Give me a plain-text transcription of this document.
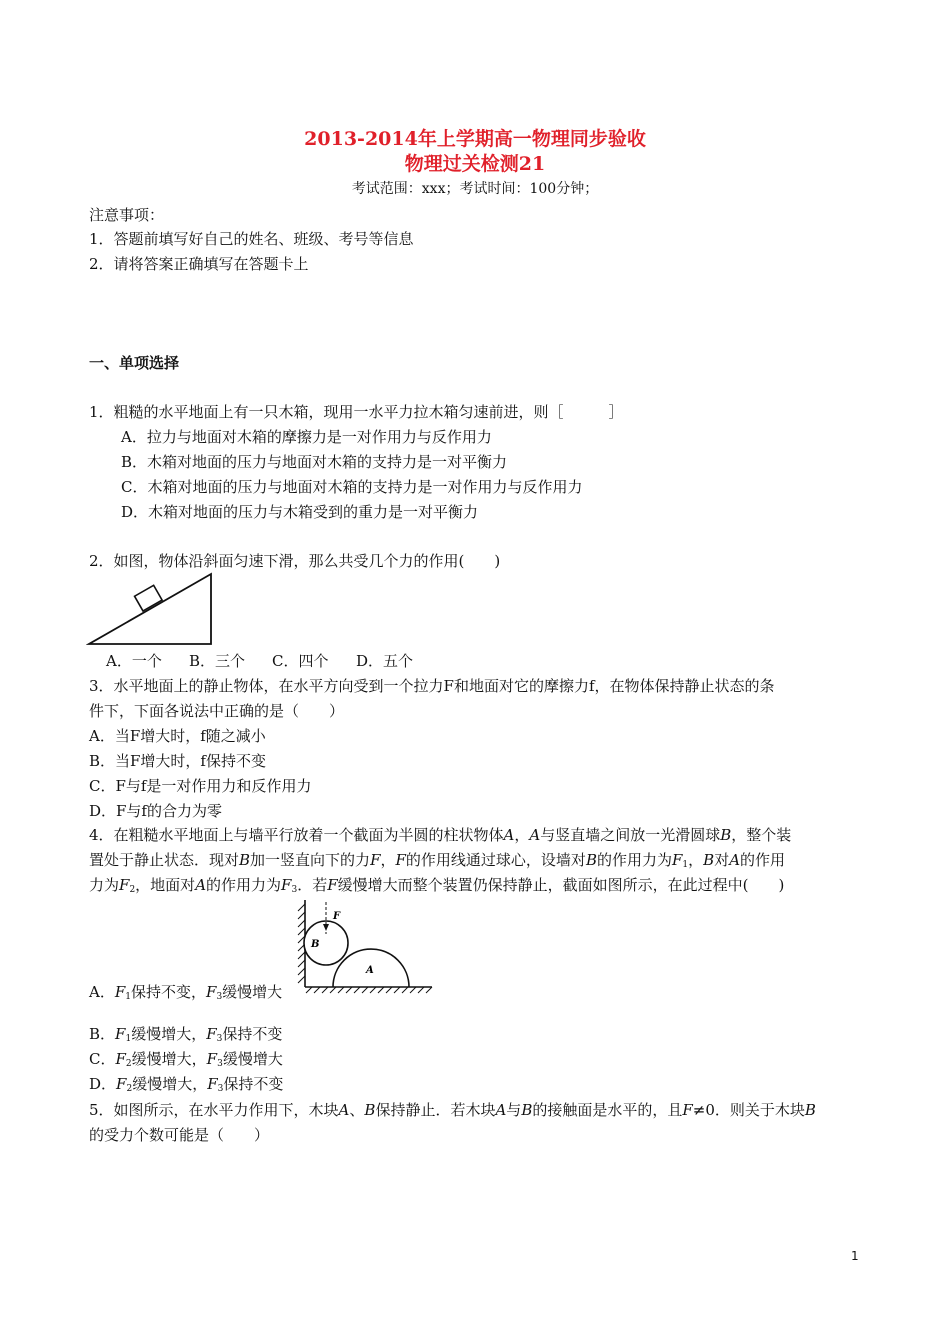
2013-2014年上学期高一物理同步验收
物理过关检测21
考试范围：xxx；考试时间：100分钟；
注意事项：
1．答题前填写好自己的姓名、班级、考号等信息
2．请将答案正确填写在答题卡上
一、单项选择
1．粗糙的水平地面上有一只木箱，现用一水平力拉木箱匀速前进，则［　　　］
A．拉力与地面对木箱的摩擦力是一对作用力与反作用力
B．木箱对地面的压力与地面对木箱的支持力是一对平衡力
C．木箱对地面的压力与地面对木箱的支持力是一对作用力与反作用力
D．木箱对地面的压力与木箱受到的重力是一对平衡力
2．如图，物体沿斜面匀速下滑，那么共受几个力的作用(　　)
A．一个 B．三个 C．四个 D．五个
3．水平地面上的静止物体，在水平方向受到一个拉力F和地面对它的摩擦力f，在物体保持静止状态的条
件下，下面各说法中正确的是（　　）
A．当F增大时，f随之减小
B．当F增大时，f保持不变
C．F与f是一对作用力和反作用力
D．F与f的合力为零
4．在粗糙水平地面上与墙平行放着一个截面为半圆的柱状物体A，A与竖直墙之间放一光滑圆球B，整个装
置处于静止状态．现对B加一竖直向下的力F，F的作用线通过球心，设墙对B的作用力为$F_1$，B对A的作用
力为$F_2$，地面对A的作用力为$F_3$．若F缓慢增大而整个装置仍保持静止，截面如图所示，在此过程中(　　)
F
B
A
A．$F_1$保持不变，$F_3$缓慢增大
B．$F_1$缓慢增大，$F_3$保持不变
C．$F_2$缓慢增大，$F_3$缓慢增大
D．$F_2$缓慢增大，$F_3$保持不变
5．如图所示，在水平力作用下，木块A、B保持静止．若木块A与B的接触面是水平的，且F≠0．则关于木块B
的受力个数可能是（　　）
1
